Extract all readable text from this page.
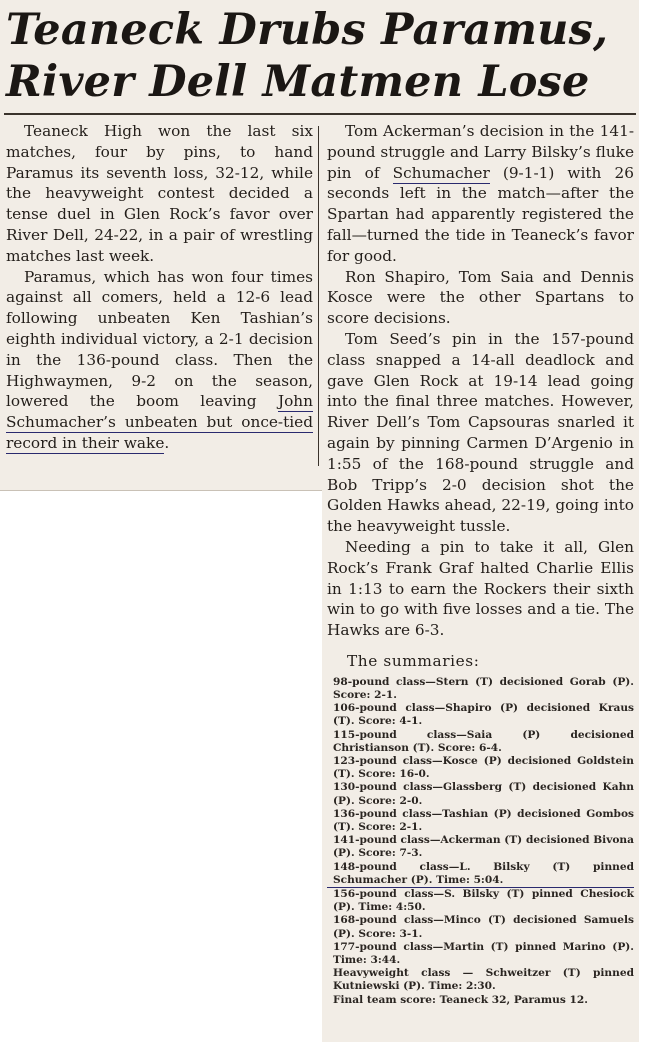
Teaneck Drubs Paramus,
River Dell Matmen Lose

Teaneck High won the last six matches, four by pins, to hand Paramus its seventh loss, 32-12, while the heavyweight contest decided a tense duel in Glen Rock’s favor over River Dell, 24-22, in a pair of wrestling matches last week.

Paramus, which has won four times against all comers, held a 12-6 lead following unbeaten Ken Tashian’s eighth individual victory, a 2-1 decision in the 136-pound class. Then the Highwaymen, 9-2 on the season, lowered the boom leaving John Schumacher’s unbeaten but once-tied record in their wake.

Tom Ackerman’s decision in the 141-pound struggle and Larry Bilsky’s fluke pin of Schumacher (9-1-1) with 26 seconds left in the match—after the Spartan had apparently registered the fall—turned the tide in Teaneck’s favor for good.

Ron Shapiro, Tom Saia and Dennis Kosce were the other Spartans to score decisions.

Tom Seed’s pin in the 157-pound class snapped a 14-all deadlock and gave Glen Rock at 19-14 lead going into the final three matches. However, River Dell’s Tom Capsouras snarled it again by pinning Carmen D’Argenio in 1:55 of the 168-pound struggle and Bob Tripp’s 2-0 decision shot the Golden Hawks ahead, 22-19, going into the heavyweight tussle.

Needing a pin to take it all, Glen Rock’s Frank Graf halted Charlie Ellis in 1:13 to earn the Rockers their sixth win to go with five losses and a tie. The Hawks are 6-3.

The summaries:

98-pound class—Stern (T) decisioned Gorab (P). Score: 2-1.

106-pound class—Shapiro (P) decisioned Kraus (T). Score: 4-1.

115-pound class—Saia (P) decisioned Christianson (T). Score: 6-4.

123-pound class—Kosce (P) decisioned Goldstein (T). Score: 16-0.

130-pound class—Glassberg (T) decisioned Kahn (P). Score: 2-0.

136-pound class—Tashian (P) decisioned Gombos (T). Score: 2-1.

141-pound class—Ackerman (T) decisioned Bivona (P). Score: 7-3.

148-pound class—L. Bilsky (T) pinned Schumacher (P). Time: 5:04.

156-pound class—S. Bilsky (T) pinned Chesiock (P). Time: 4:50.

168-pound class—Minco (T) decisioned Samuels (P). Score: 3-1.

177-pound class—Martin (T) pinned Marino (P). Time: 3:44.

Heavyweight class — Schweitzer (T) pinned Kutniewski (P). Time: 2:30.

Final team score: Teaneck 32, Paramus 12.
